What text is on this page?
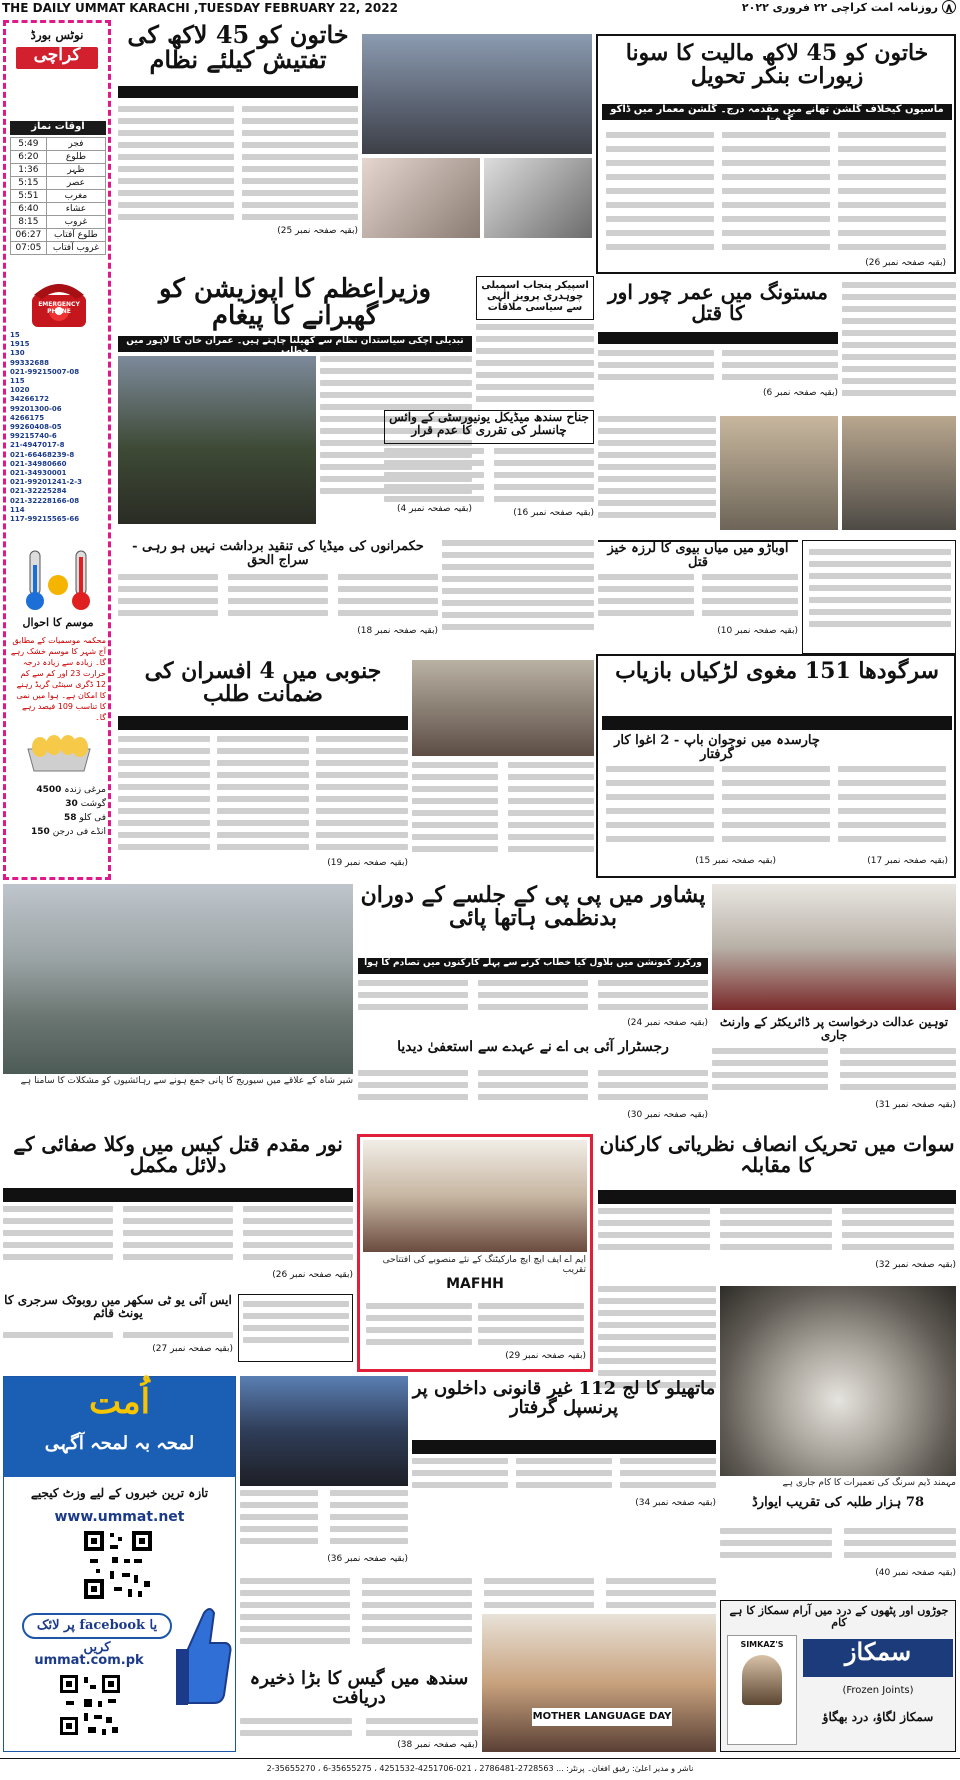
THE DAILY UMMAT KARACHI ,TUESDAY FEBRUARY 22, 2022	روزنامہ امت کراچی ۲۲ فروری ۲۰۲۲ ۸
نوٹس بورڈ
کراچی
اوقات نماز
5:49	فجر
6:20	طلوع
1:36	ظہر
5:15	عصر
5:51	مغرب
6:40	عشاء
8:15	غروب
06:27	طلوع آفتاب
07:05	غروب آفتاب
EMERGENCY PHONE
15
1915
130
99332688
021-99215007-08
115
1020
34266172
99201300-06
4266175
99260408-05
99215740-6
21-4947017-8
021-66468239-8
021-34980660
021-34930001
021-99201241-2-3
021-32225284
021-32228166-08
114
117-99215565-66
موسم کا احوال
محکمہ موسمیات کے مطابق آج شہر کا موسم خشک رہے گا۔ زیادہ سے زیادہ درجہ حرارت 23 اور کم سے کم 12 ڈگری سینٹی گریڈ رہنے کا امکان ہے۔ ہوا میں نمی کا تناسب 109 فیصد رہے گا۔
مرغی زندہ 4500
گوشت 30
فی کلو 58
انڈے فی درجن 150
خاتون کو 45 لاکھ کی تفتیش کیلئے نظام
(بقیہ صفحہ نمبر 25)
خاتون کو 45 لاکھ مالیت کا سونا زیورات بنکر تحویل
ماسیوں کیخلاف گلشن تھانے میں مقدمہ درج۔ گلشن معمار میں ڈاکو گرفتار
(بقیہ صفحہ نمبر 26)
اسپیکر پنجاب اسمبلی چوہدری پرویز الٰہی سے سیاسی ملاقات
وزیراعظم کا اپوزیشن کو گھبرانے کا پیغام
تبدیلی آچکی سیاستدان نظام سے کھیلنا چاہتے ہیں۔ عمران خان کا لاہور میں خطاب
(بقیہ صفحہ نمبر 4)
جناح سندھ میڈیکل یونیورسٹی کے وائس چانسلر کی تقرری کا عدم قرار
(بقیہ صفحہ نمبر 16)
مستونگ میں عمر چور اور کا قتل
(بقیہ صفحہ نمبر 6)
حکمرانوں کی میڈیا کی تنقید برداشت نہیں ہو رہی - سراج الحق
(بقیہ صفحہ نمبر 18)
اوباڑو میں میاں بیوی کا لرزہ خیز قتل
(بقیہ صفحہ نمبر 10)
جنوبی میں 4 افسران کی ضمانت طلب
(بقیہ صفحہ نمبر 19)
سرگودھا 151 مغوی لڑکیاں بازیاب
چارسدہ میں نوجوان باپ - 2 اغوا کار گرفتار
(بقیہ صفحہ نمبر 17)
(بقیہ صفحہ نمبر 15)
شیر شاہ کے علاقے میں سیوریج کا پانی جمع ہونے سے رہائشیوں کو مشکلات کا سامنا ہے
پشاور میں پی پی کے جلسے کے دوران بدنظمی ہاتھا پائی
ورکرز کنونشن میں بلاول کیا خطاب کرنے سے پہلے کارکنوں میں تصادم کا ہوا
(بقیہ صفحہ نمبر 24)
رجسٹرار آئی بی اے نے عہدے سے استعفیٰ دیدیا
(بقیہ صفحہ نمبر 30)
توہین عدالت درخواست پر ڈائریکٹر کے وارنٹ جاری
(بقیہ صفحہ نمبر 31)
نور مقدم قتل کیس میں وکلا صفائی کے دلائل مکمل
(بقیہ صفحہ نمبر 26)
ایس آئی یو ٹی سکھر میں روبوٹک سرجری کا یونٹ قائم
(بقیہ صفحہ نمبر 27)
ایم اے ایف ایچ ایچ مارکیٹنگ کے نئے منصوبے کی افتتاحی تقریب
MAFHH
(بقیہ صفحہ نمبر 29)
سوات میں تحریک انصاف نظریاتی کارکنان کا مقابلہ
(بقیہ صفحہ نمبر 32)
مہمند ڈیم سرنگ کی تعمیرات کا کام جاری ہے
اُمت
لمحہ بہ لمحہ آگہی
تازہ ترین خبروں کے لیے وزٹ کیجیے
www.ummat.net
یا facebook پر لائک کریں
ummat.com.pk
(بقیہ صفحہ نمبر 36)
ماتھیلو کا لج 112 غیر قانونی داخلوں پر پرنسپل گرفتار
(بقیہ صفحہ نمبر 34)	78 ہزار طلبہ کی تقریب ایوارڈ
(بقیہ صفحہ نمبر 40)
سندھ میں گیس کا بڑا ذخیرہ دریافت
(بقیہ صفحہ نمبر 38)
MOTHER LANGUAGE DAY
جوڑوں اور پٹھوں کے درد میں آرام سمکاز کا ہے کام
SIMKAZ'S	سمکاز
(Frozen Joints)
سمکاز لگاؤ، درد بھگاؤ
ناشر و مدیر اعلیٰ: رفیق افغان۔ پرنٹر: ... 2728563-2786481 ، 021-4251706-4251532 ، 35655275-6 ، 35655270-2
